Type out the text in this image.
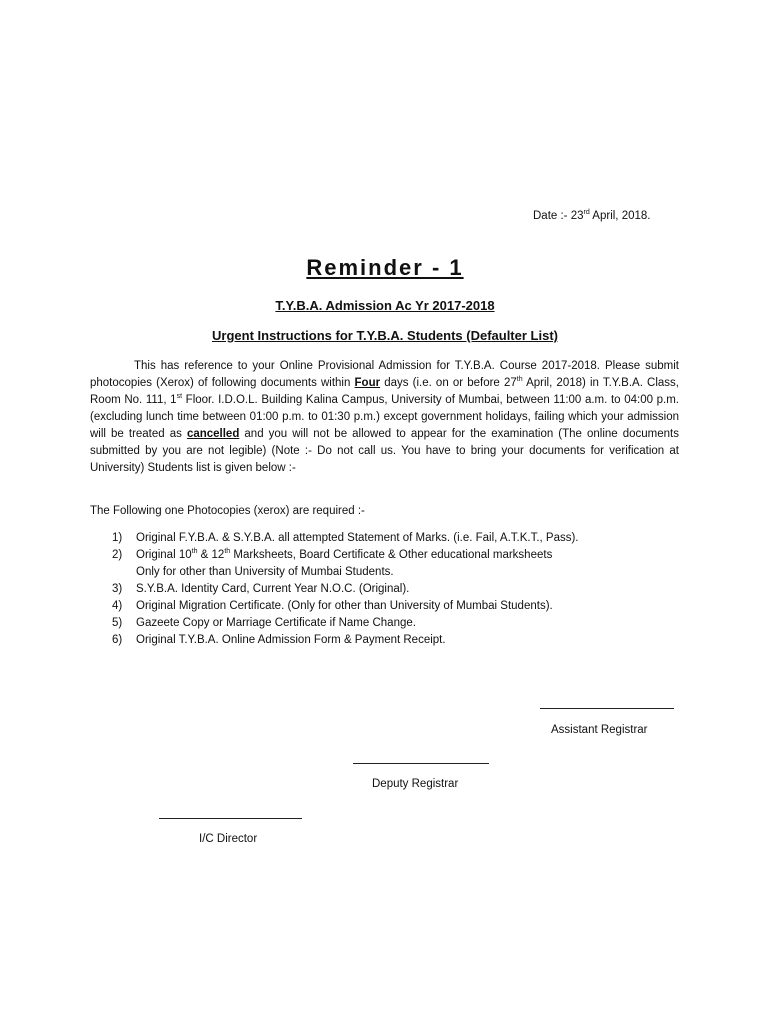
Date :- 23rd April, 2018.
Reminder - 1
T.Y.B.A. Admission Ac Yr 2017-2018
Urgent Instructions for T.Y.B.A. Students (Defaulter List)

This has reference to your Online Provisional Admission for T.Y.B.A. Course 2017-2018. Please submit photocopies (Xerox) of following documents within Four days (i.e. on or before 27th April, 2018) in T.Y.B.A. Class, Room No. 111, 1st Floor. I.D.O.L. Building Kalina Campus, University of Mumbai, between 11:00 a.m. to 04:00 p.m. (excluding lunch time between 01:00 p.m. to 01:30 p.m.) except government holidays, failing which your admission will be treated as cancelled and you will not be allowed to appear for the examination (The online documents submitted by you are not legible) (Note :- Do not call us. You have to bring your documents for verification at University) Students list is given below :-

The Following one Photocopies (xerox) are required :-
1) Original F.Y.B.A. & S.Y.B.A. all attempted Statement of Marks. (i.e. Fail, A.T.K.T., Pass).
2) Original 10th & 12th Marksheets, Board Certificate & Other educational marksheets
Only for other than University of Mumbai Students.
3) S.Y.B.A. Identity Card, Current Year N.O.C. (Original).
4) Original Migration Certificate. (Only for other than University of Mumbai Students).
5) Gazeete Copy or Marriage Certificate if Name Change.
6) Original T.Y.B.A. Online Admission Form & Payment Receipt.
Assistant Registrar
Deputy Registrar
I/C Director
